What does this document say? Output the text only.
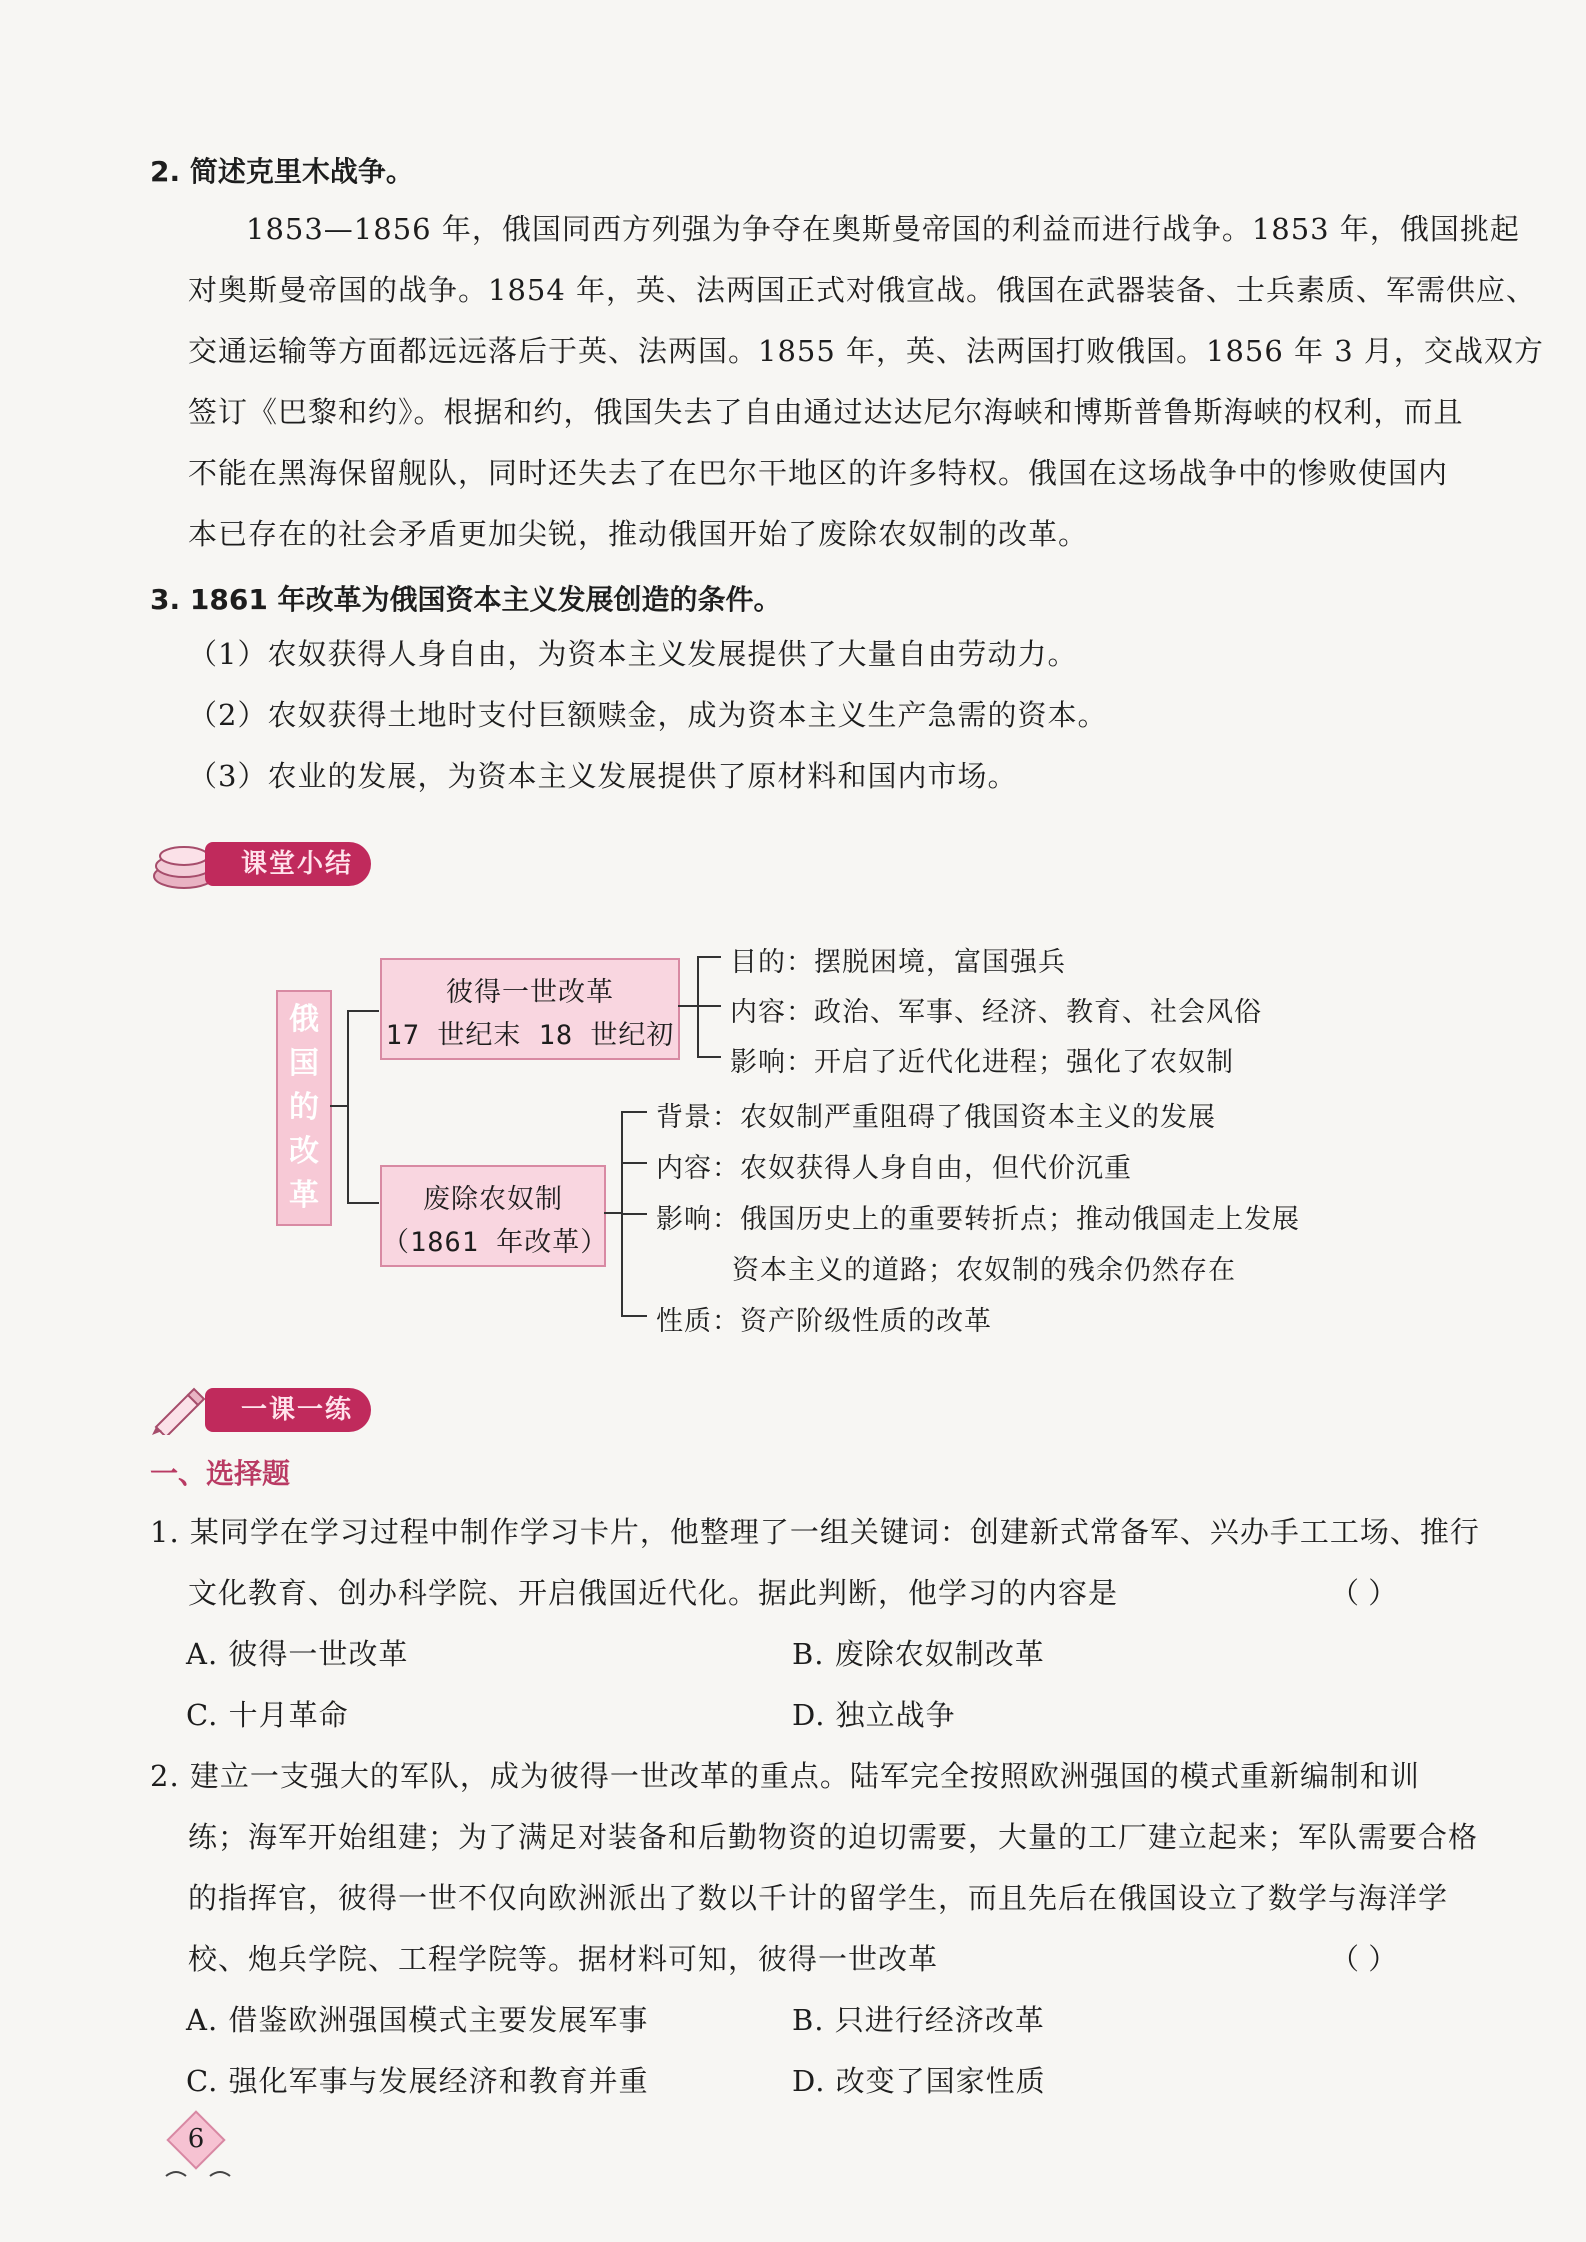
2. 简述克里木战争。
1853—1856 年，俄国同西方列强为争夺在奥斯曼帝国的利益而进行战争。1853 年，俄国挑起
对奥斯曼帝国的战争。1854 年，英、法两国正式对俄宣战。俄国在武器装备、士兵素质、军需供应、
交通运输等方面都远远落后于英、法两国。1855 年，英、法两国打败俄国。1856 年 3 月，交战双方
签订《巴黎和约》。根据和约，俄国失去了自由通过达达尼尔海峡和博斯普鲁斯海峡的权利，而且
不能在黑海保留舰队，同时还失去了在巴尔干地区的许多特权。俄国在这场战争中的惨败使国内
本已存在的社会矛盾更加尖锐，推动俄国开始了废除农奴制的改革。
3. 1861 年改革为俄国资本主义发展创造的条件。
（1）农奴获得人身自由，为资本主义发展提供了大量自由劳动力。
（2）农奴获得土地时支付巨额赎金，成为资本主义生产急需的资本。
（3）农业的发展，为资本主义发展提供了原材料和国内市场。
课堂小结
俄
国
的
改
革
彼得一世改革
17 世纪末 18 世纪初
目的：摆脱困境，富国强兵
内容：政治、军事、经济、教育、社会风俗
影响：开启了近代化进程；强化了农奴制
废除农奴制
（1861 年改革）
背景：农奴制严重阻碍了俄国资本主义的发展
内容：农奴获得人身自由，但代价沉重
影响：俄国历史上的重要转折点；推动俄国走上发展
资本主义的道路；农奴制的残余仍然存在
性质：资产阶级性质的改革
一课一练
一、选择题
1. 某同学在学习过程中制作学习卡片，他整理了一组关键词：创建新式常备军、兴办手工工场、推行
文化教育、创办科学院、开启俄国近代化。据此判断，他学习的内容是	（ ）
A. 彼得一世改革	B. 废除农奴制改革
C. 十月革命	D. 独立战争
2. 建立一支强大的军队，成为彼得一世改革的重点。陆军完全按照欧洲强国的模式重新编制和训
练；海军开始组建；为了满足对装备和后勤物资的迫切需要，大量的工厂建立起来；军队需要合格
的指挥官，彼得一世不仅向欧洲派出了数以千计的留学生，而且先后在俄国设立了数学与海洋学
校、炮兵学院、工程学院等。据材料可知，彼得一世改革	（ ）
A. 借鉴欧洲强国模式主要发展军事	B. 只进行经济改革
C. 强化军事与发展经济和教育并重	D. 改变了国家性质
6
